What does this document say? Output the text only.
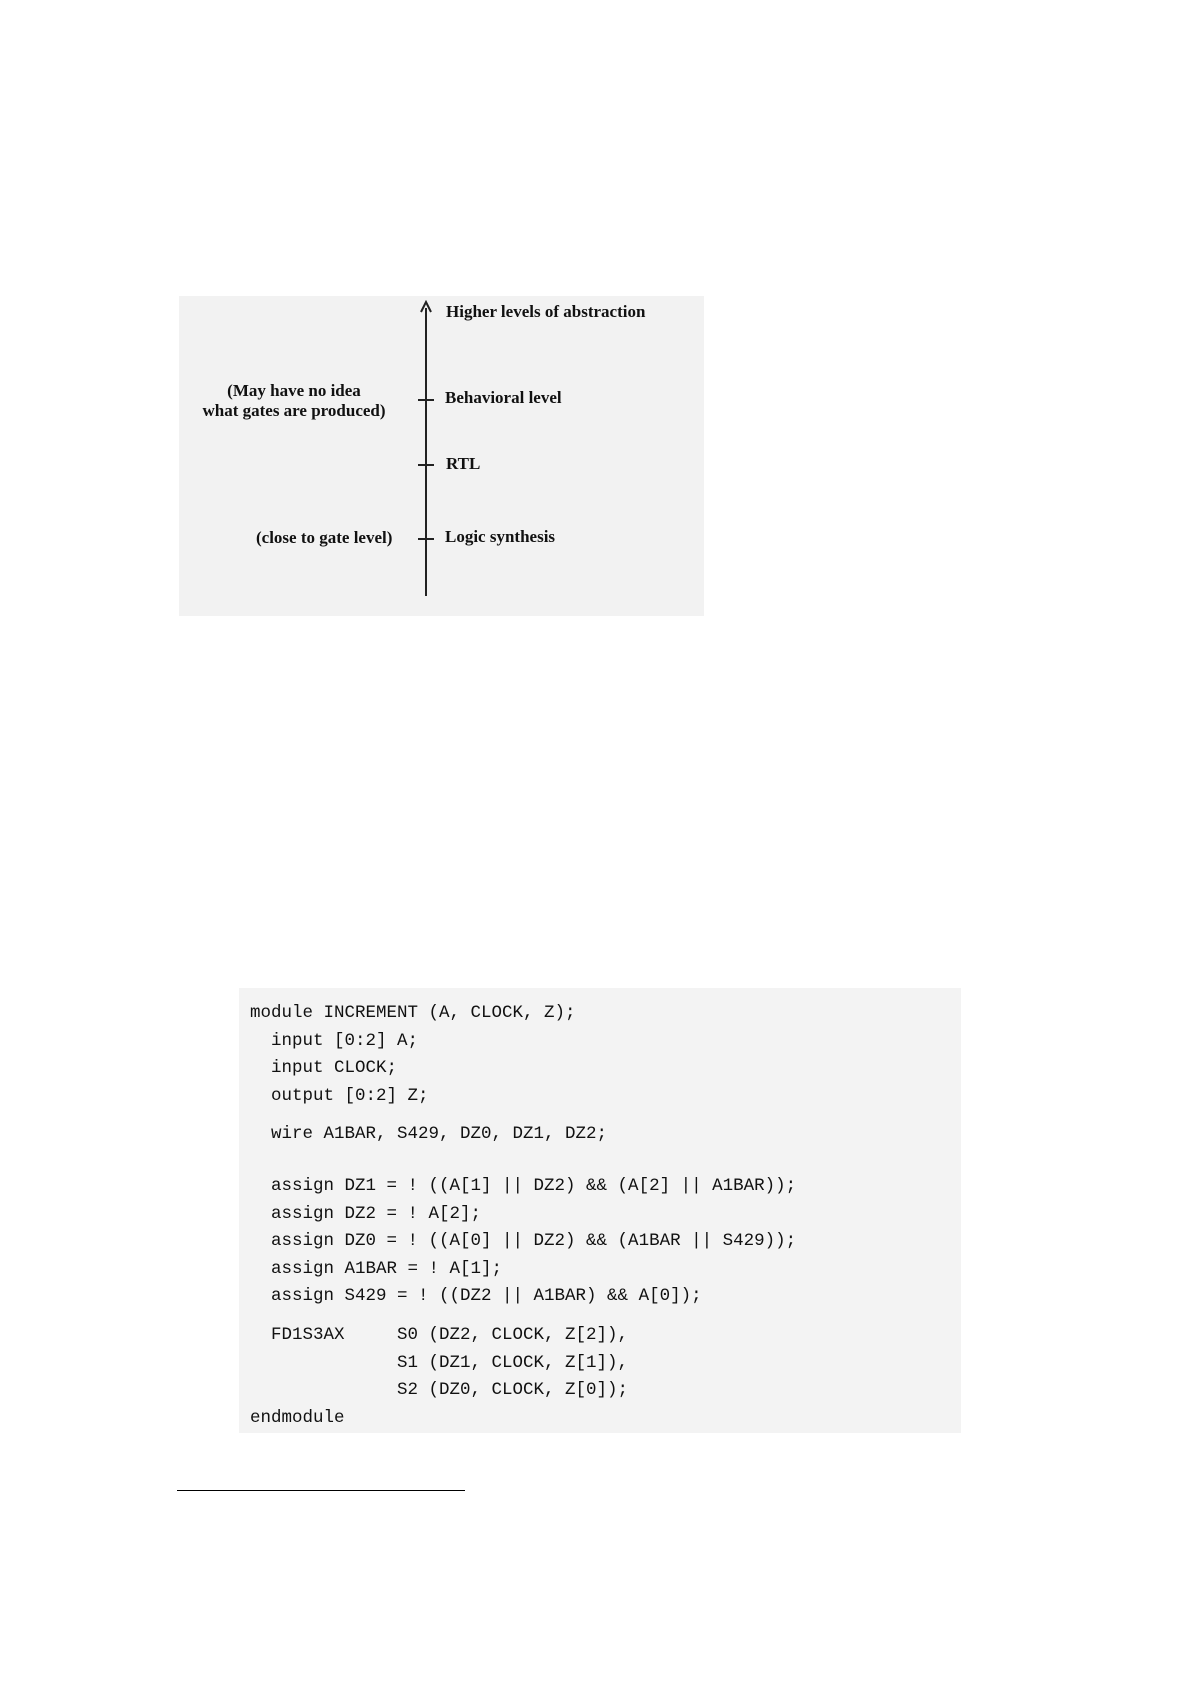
Higher levels of abstraction
(May have no idea
what gates are produced)
Behavioral level
RTL
(close to gate level)	Logic synthesis
module INCREMENT (A, CLOCK, Z);
input [0:2] A;
input CLOCK;
output [0:2] Z;
wire A1BAR, S429, DZ0, DZ1, DZ2;
assign DZ1 = ! ((A[1] || DZ2) && (A[2] || A1BAR));
assign DZ2 = ! A[2];
assign DZ0 = ! ((A[0] || DZ2) && (A1BAR || S429));
assign A1BAR = ! A[1];
assign S429 = ! ((DZ2 || A1BAR) && A[0]);
FD1S3AX     S0 (DZ2, CLOCK, Z[2]),
S1 (DZ1, CLOCK, Z[1]),
S2 (DZ0, CLOCK, Z[0]);
endmodule
